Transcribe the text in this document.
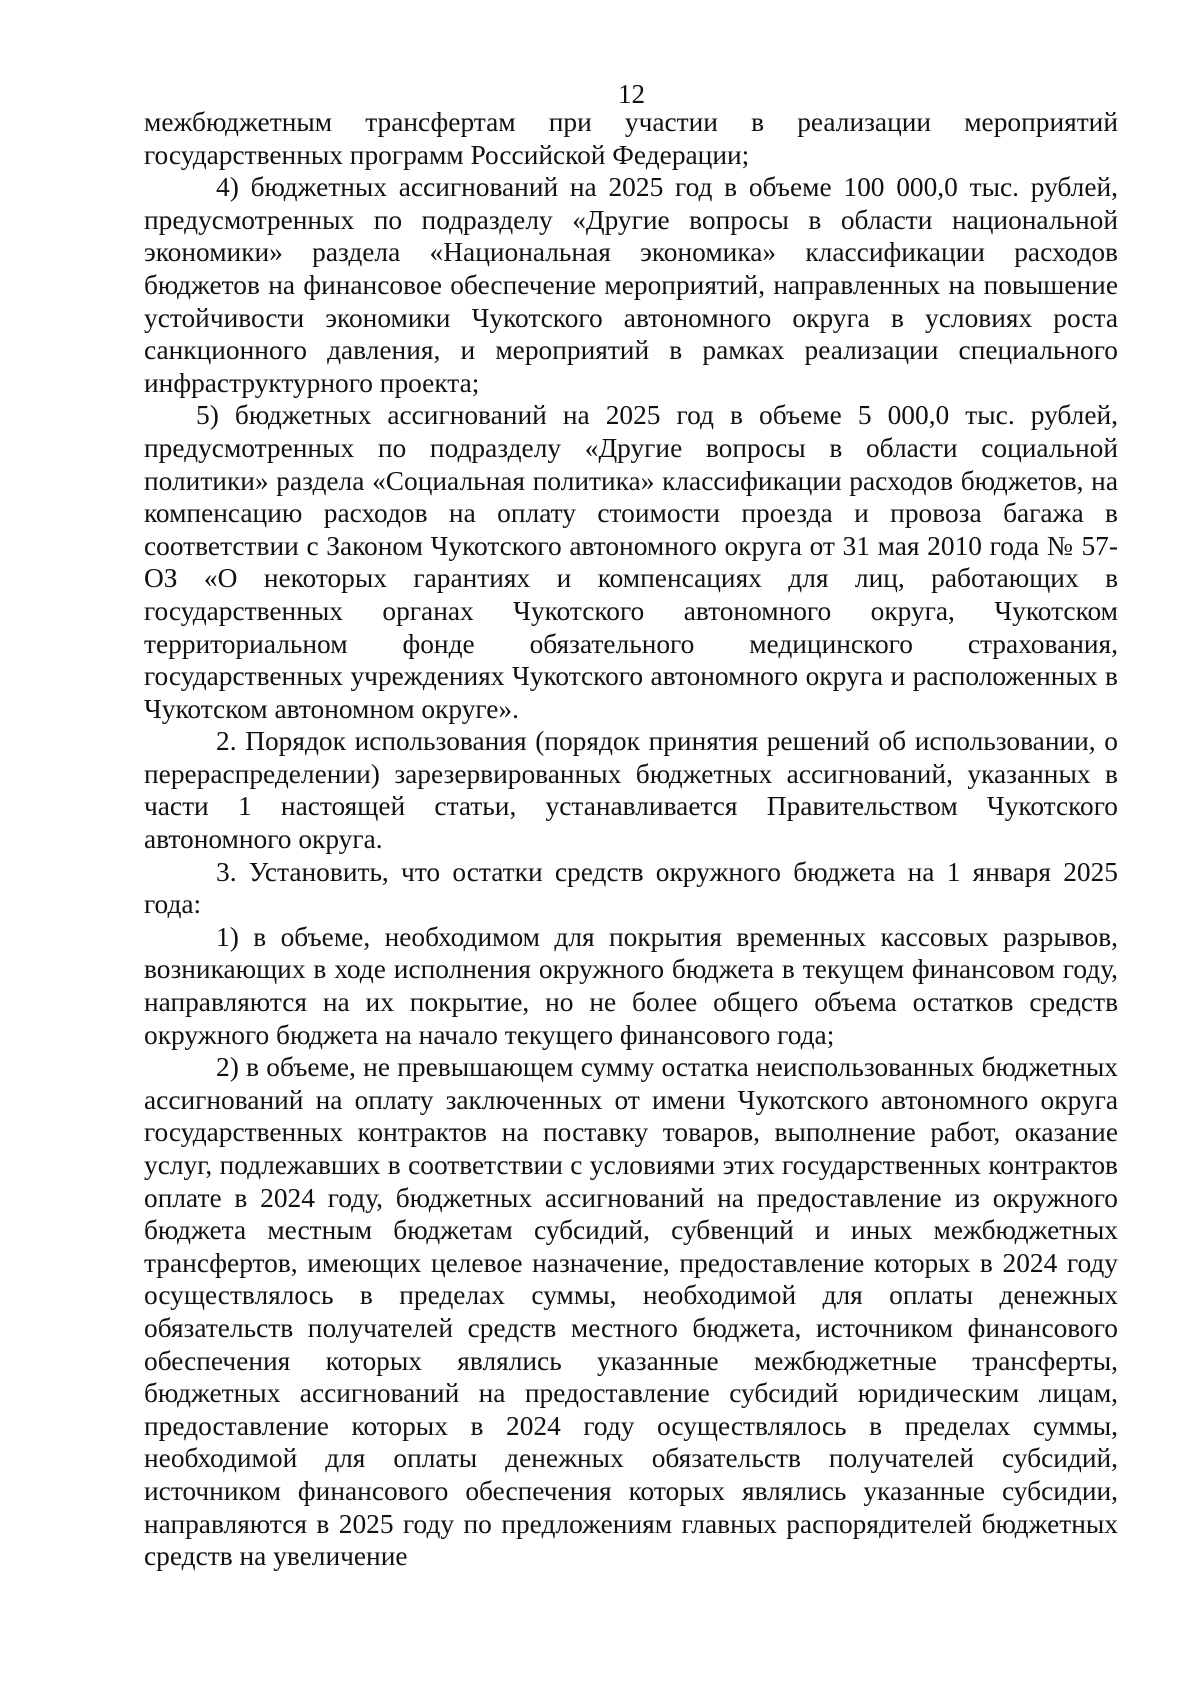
12

межбюджетным трансфертам при участии в реализации мероприятий государственных программ Российской Федерации;

4) бюджетных ассигнований на 2025 год в объеме 100 000,0 тыс. рублей, предусмотренных по подразделу «Другие вопросы в области национальной экономики» раздела «Национальная экономика» классификации расходов бюджетов на финансовое обеспечение мероприятий, направленных на повышение устойчивости экономики Чукотского автономного округа в условиях роста санкционного давления, и мероприятий в рамках реализации специального инфраструктурного проекта;

5) бюджетных ассигнований на 2025 год в объеме 5 000,0 тыс. рублей, предусмотренных по подразделу «Другие вопросы в области социальной политики» раздела «Социальная политика» классификации расходов бюджетов, на компенсацию расходов на оплату стоимости проезда и провоза багажа в соответствии с Законом Чукотского автономного округа от 31 мая 2010 года № 57-ОЗ «О некоторых гарантиях и компенсациях для лиц, работающих в государственных органах Чукотского автономного округа, Чукотском территориальном фонде обязательного медицинского страхования, государственных учреждениях Чукотского автономного округа и расположенных в Чукотском автономном округе».

2. Порядок использования (порядок принятия решений об использовании, о перераспределении) зарезервированных бюджетных ассигнований, указанных в части 1 настоящей статьи, устанавливается Правительством Чукотского автономного округа.

3. Установить, что остатки средств окружного бюджета на 1 января 2025 года:

1) в объеме, необходимом для покрытия временных кассовых разрывов, возникающих в ходе исполнения окружного бюджета в текущем финансовом году, направляются на их покрытие, но не более общего объема остатков средств окружного бюджета на начало текущего финансового года;

2) в объеме, не превышающем сумму остатка неиспользованных бюджетных ассигнований на оплату заключенных от имени Чукотского автономного округа государственных контрактов на поставку товаров, выполнение работ, оказание услуг, подлежавших в соответствии с условиями этих государственных контрактов оплате в 2024 году, бюджетных ассигнований на предоставление из окружного бюджета местным бюджетам субсидий, субвенций и иных межбюджетных трансфертов, имеющих целевое назначение, предоставление которых в 2024 году осуществлялось в пределах суммы, необходимой для оплаты денежных обязательств получателей средств местного бюджета, источником финансового обеспечения которых являлись указанные межбюджетные трансферты, бюджетных ассигнований на предоставление субсидий юридическим лицам, предоставление которых в 2024 году осуществлялось в пределах суммы, необходимой для оплаты денежных обязательств получателей субсидий, источником финансового обеспечения которых являлись указанные субсидии, направляются в 2025 году по предложениям главных распорядителей бюджетных средств на увеличение
